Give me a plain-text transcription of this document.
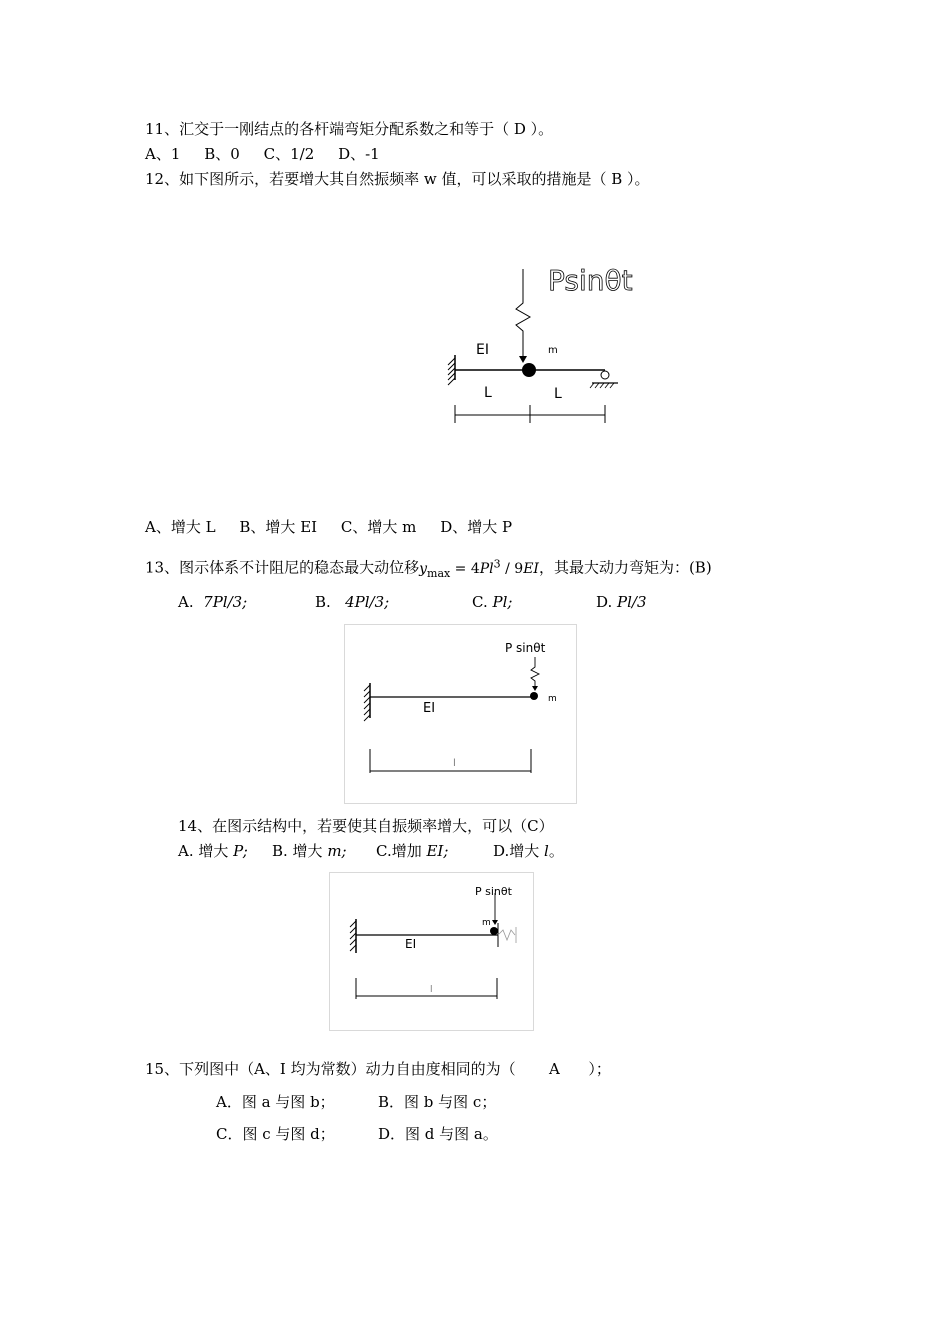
11、汇交于一刚结点的各杆端弯矩分配系数之和等于（ D ）。
A、1     B、0     C、1/2     D、-1
12、如下图所示，若要增大其自然振频率 w 值，可以采取的措施是（ B ）。
Psinθt
EI	m
L	L
A、增大 L     B、增大 EI     C、增大 m     D、增大 P
13、图示体系不计阻尼的稳态最大动位移$y_{max} = 4Pl^3 / 9EI$，其最大动力弯矩为：(B)
A. 7Pl/3;	B. 4Pl/3;	C. Pl;	D. Pl/3
P sinθt
EI
m
l
14、在图示结构中，若要使其自振频率增大，可以（C）
A. 增大 P; B. 增大 m; C.增加 EI;	D.增大 l。
P sinθt
EI
m
l
15、下列图中（A、I 均为常数）动力自由度相同的为（       A      ）；
A．图 a 与图 b；	B．图 b 与图 c；
C．图 c 与图 d；	D．图 d 与图 a。
